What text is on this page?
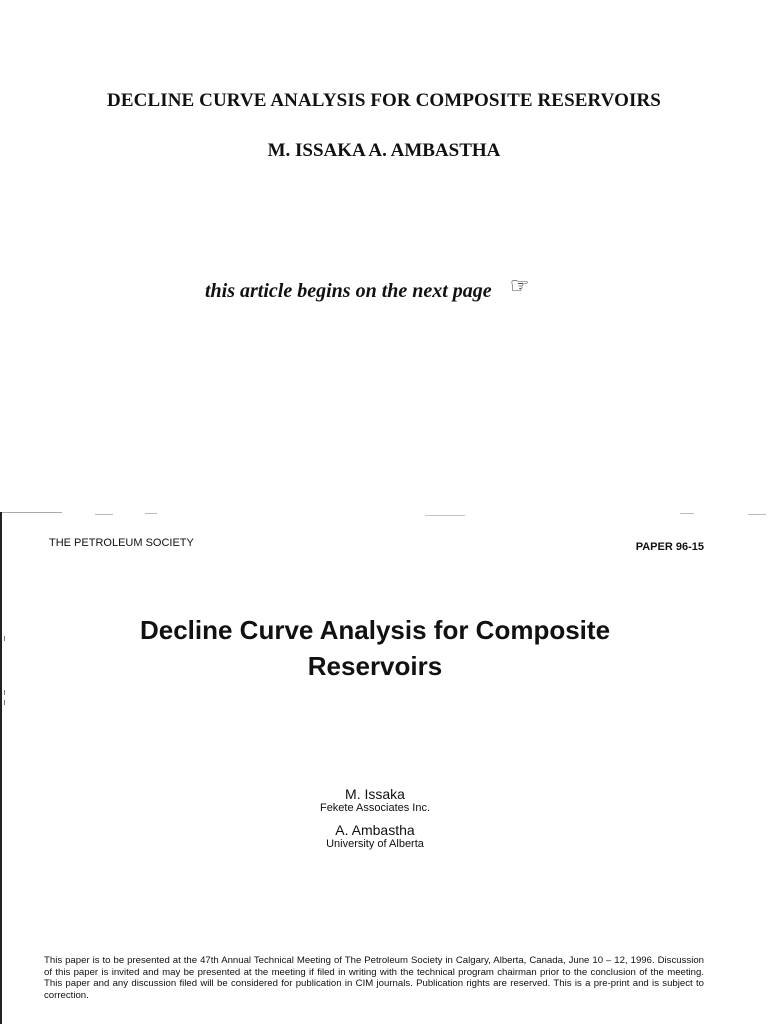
DECLINE CURVE ANALYSIS FOR COMPOSITE RESERVOIRS
M. ISSAKA A. AMBASTHA
this article begins on the next page ☞
THE PETROLEUM SOCIETY	PAPER 96-15
Decline Curve Analysis for Composite
Reservoirs
M. Issaka
Fekete Associates Inc.
A. Ambastha
University of Alberta
This paper is to be presented at the 47th Annual Technical Meeting of The Petroleum Society in Calgary, Alberta, Canada, June 10 – 12, 1996. Discussion of this paper is invited and may be presented at the meeting if filed in writing with the technical program chairman prior to the conclusion of the meeting. This paper and any discussion filed will be considered for publication in CIM journals. Publication rights are reserved. This is a pre-print and is subject to correction.
